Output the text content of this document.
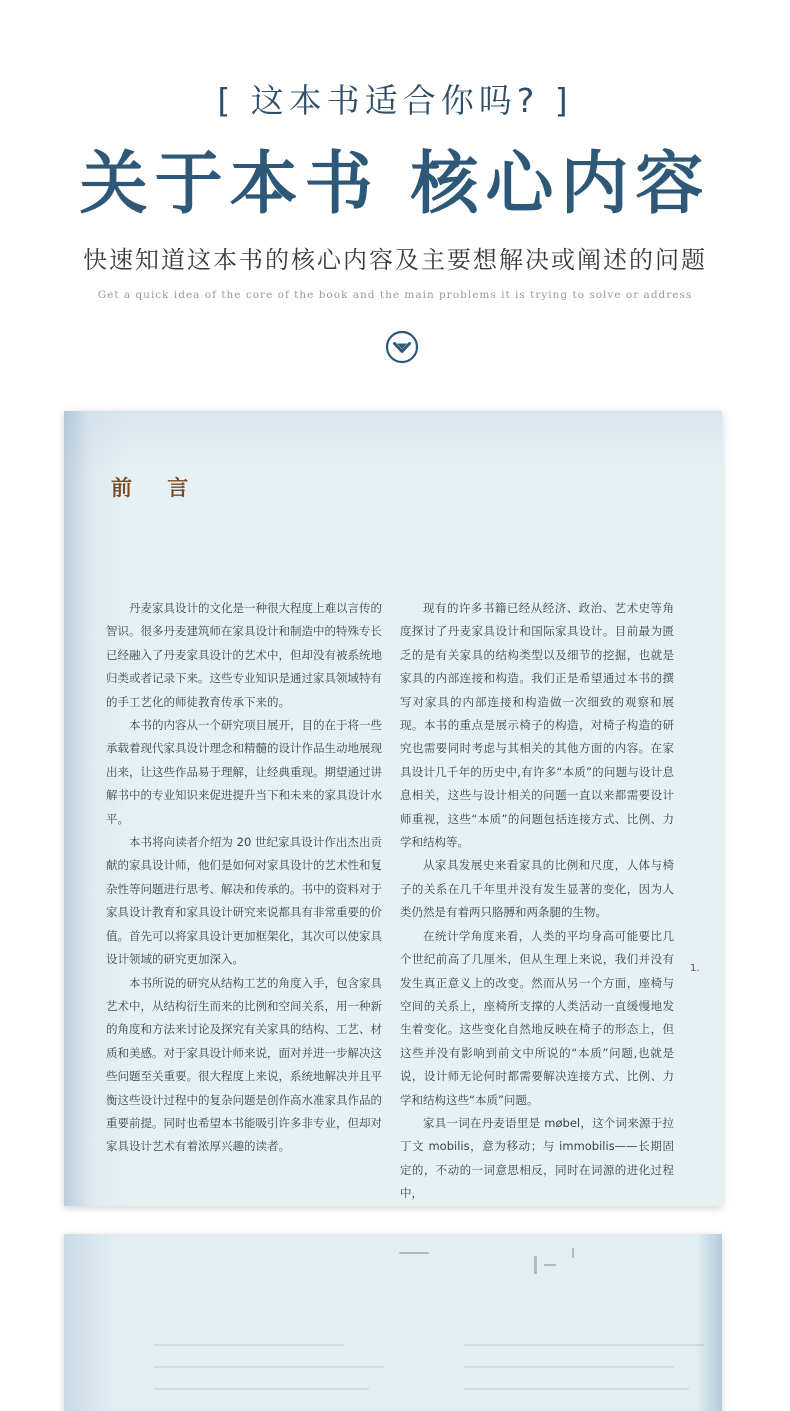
[ 这本书适合你吗? ]
关于本书 核心内容
快速知道这本书的核心内容及主要想解决或阐述的问题
Get a quick idea of the core of the book and the main problems it is trying to solve or address
前 言

丹麦家具设计的文化是一种很大程度上难以言传的智识。很多丹麦建筑师在家具设计和制造中的特殊专长已经融入了丹麦家具设计的艺术中，但却没有被系统地归类或者记录下来。这些专业知识是通过家具领域特有的手工艺化的师徒教育传承下来的。

本书的内容从一个研究项目展开，目的在于将一些承载着现代家具设计理念和精髓的设计作品生动地展现出来，让这些作品易于理解，让经典重现。期望通过讲解书中的专业知识来促进提升当下和未来的家具设计水平。

本书将向读者介绍为 20 世纪家具设计作出杰出贡献的家具设计师，他们是如何对家具设计的艺术性和复杂性等问题进行思考、解决和传承的。书中的资料对于家具设计教育和家具设计研究来说都具有非常重要的价值。首先可以将家具设计更加框架化，其次可以使家具设计领域的研究更加深入。

本书所说的研究从结构工艺的角度入手，包含家具艺术中，从结构衍生而来的比例和空间关系，用一种新的角度和方法来讨论及探究有关家具的结构、工艺、材质和美感。对于家具设计师来说，面对并进一步解决这些问题至关重要。很大程度上来说，系统地解决并且平衡这些设计过程中的复杂问题是创作高水准家具作品的重要前提。同时也希望本书能吸引许多非专业，但却对家具设计艺术有着浓厚兴趣的读者。

现有的许多书籍已经从经济、政治、艺术史等角度探讨了丹麦家具设计和国际家具设计。目前最为匮乏的是有关家具的结构类型以及细节的挖掘，也就是家具的内部连接和构造。我们正是希望通过本书的撰写对家具的内部连接和构造做一次细致的观察和展现。本书的重点是展示椅子的构造，对椅子构造的研究也需要同时考虑与其相关的其他方面的内容。在家具设计几千年的历史中,有许多“本质”的问题与设计息息相关，这些与设计相关的问题一直以来都需要设计师重视，这些“本质”的问题包括连接方式、比例、力学和结构等。

从家具发展史来看家具的比例和尺度，人体与椅子的关系在几千年里并没有发生显著的变化，因为人类仍然是有着两只胳膊和两条腿的生物。

在统计学角度来看，人类的平均身高可能要比几个世纪前高了几厘米，但从生理上来说，我们并没有发生真正意义上的改变。然而从另一个方面，座椅与空间的关系上，座椅所支撑的人类活动一直缓慢地发生着变化。这些变化自然地反映在椅子的形态上，但这些并没有影响到前文中所说的“本质”问题,也就是说，设计师无论何时都需要解决连接方式、比例、力学和结构这些“本质”问题。

家具一词在丹麦语里是 møbel，这个词来源于拉丁文 mobilis，意为移动；与 immobilis——长期固定的，不动的一词意思相反，同时在词源的进化过程中，

1.
